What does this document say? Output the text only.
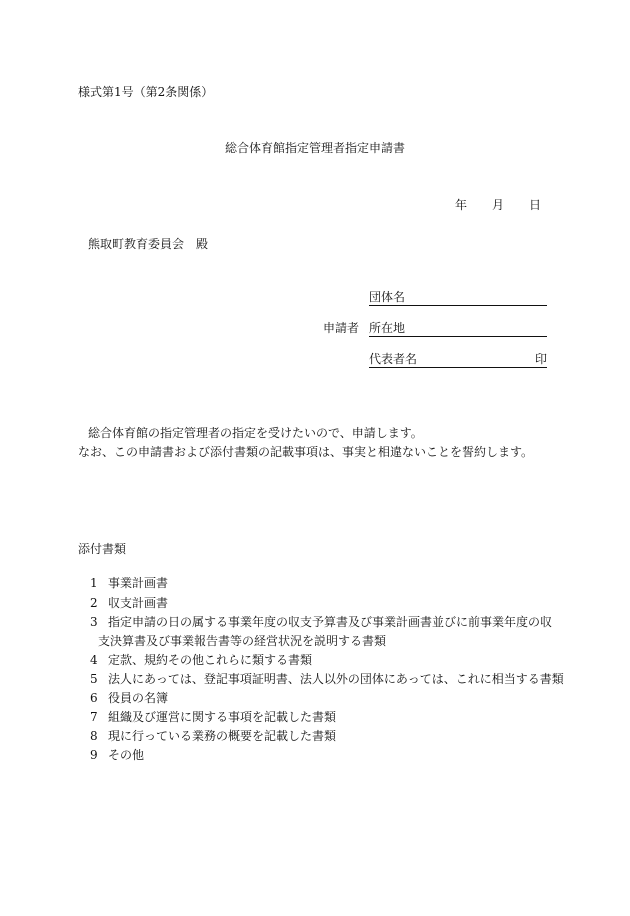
様式第1号（第2条関係）
総合体育館指定管理者指定申請書
年 月 日
熊取町教育委員会　殿
団体名
申請者 所在地
代表者名	印
総合体育館の指定管理者の指定を受けたいので、申請します。
なお、この申請書および添付書類の記載事項は、事実と相違ないことを誓約します。
添付書類
1 事業計画書
2 収支計画書
3 指定申請の日の属する事業年度の収支予算書及び事業計画書並びに前事業年度の収
支決算書及び事業報告書等の経営状況を説明する書類
4 定款、規約その他これらに類する書類
5 法人にあっては、登記事項証明書、法人以外の団体にあっては、これに相当する書類
6 役員の名簿
7 組織及び運営に関する事項を記載した書類
8 現に行っている業務の概要を記載した書類
9 その他
